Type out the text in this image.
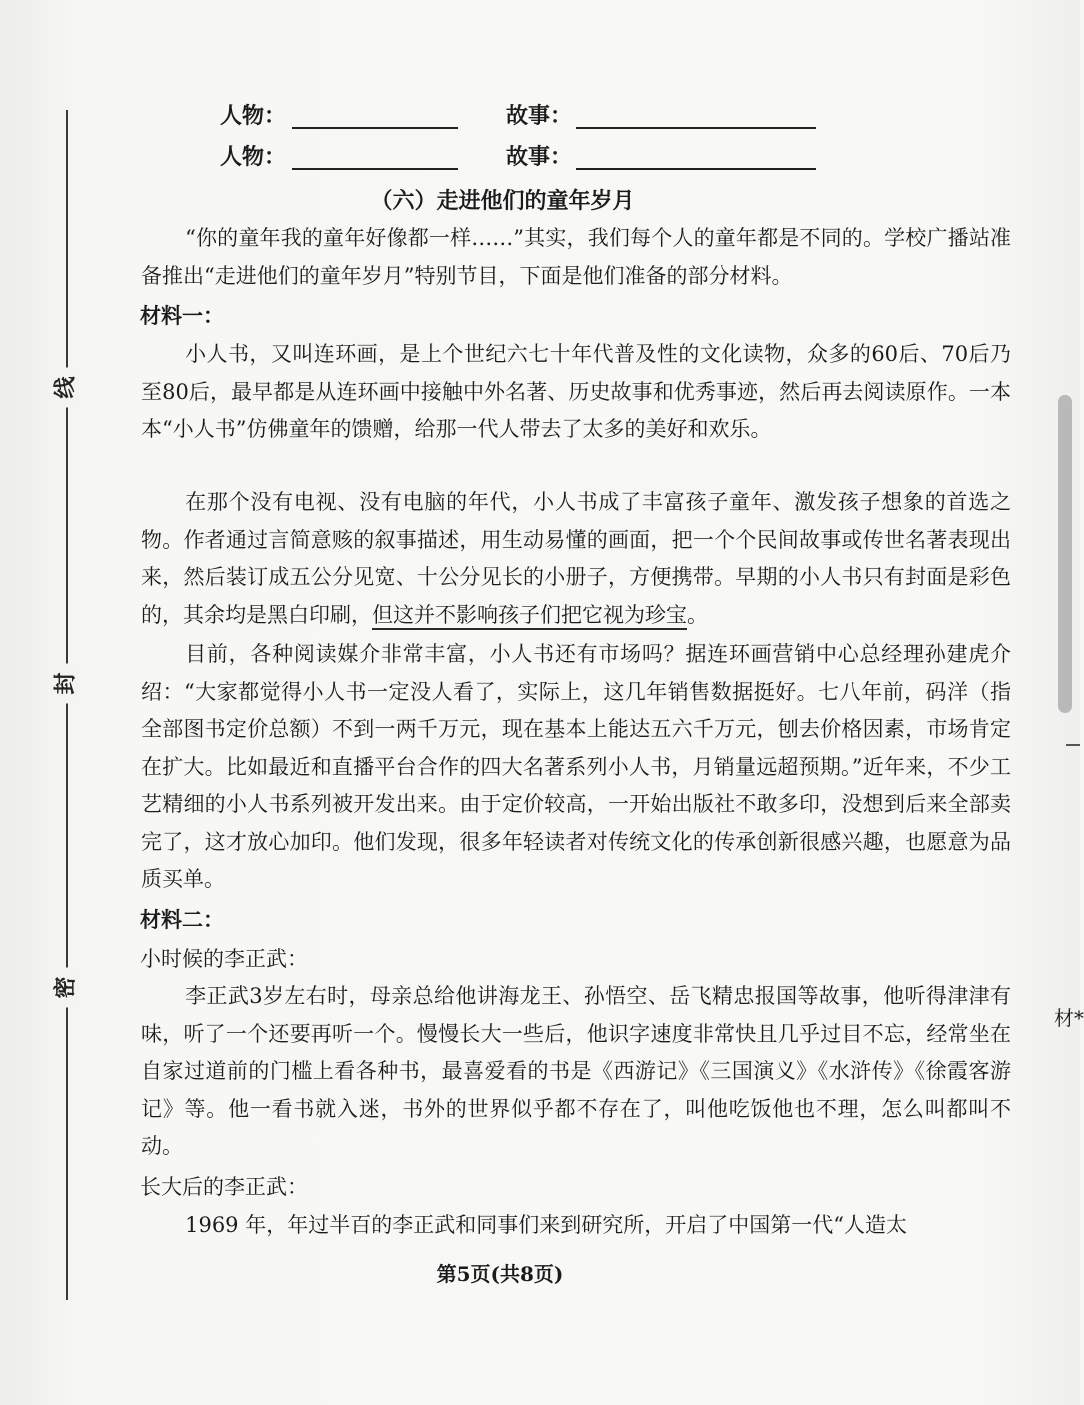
线
封
密
人物：	故事：
人物：	故事：
（六）走进他们的童年岁月

“你的童年我的童年好像都一样……”其实，我们每个人的童年都是不同的。学校广播站准备推出“走进他们的童年岁月”特别节目，下面是他们准备的部分材料。

材料一：

小人书，又叫连环画，是上个世纪六七十年代普及性的文化读物，众多的60后、70后乃至80后，最早都是从连环画中接触中外名著、历史故事和优秀事迹，然后再去阅读原作。一本本“小人书”仿佛童年的馈赠，给那一代人带去了太多的美好和欢乐。

在那个没有电视、没有电脑的年代，小人书成了丰富孩子童年、激发孩子想象的首选之物。作者通过言简意赅的叙事描述，用生动易懂的画面，把一个个民间故事或传世名著表现出来，然后装订成五公分见宽、十公分见长的小册子，方便携带。早期的小人书只有封面是彩色的，其余均是黑白印刷，但这并不影响孩子们把它视为珍宝。

目前，各种阅读媒介非常丰富，小人书还有市场吗？据连环画营销中心总经理孙建虎介绍：“大家都觉得小人书一定没人看了，实际上，这几年销售数据挺好。七八年前，码洋（指全部图书定价总额）不到一两千万元，现在基本上能达五六千万元，刨去价格因素，市场肯定在扩大。比如最近和直播平台合作的四大名著系列小人书，月销量远超预期。”近年来，不少工艺精细的小人书系列被开发出来。由于定价较高，一开始出版社不敢多印，没想到后来全部卖完了，这才放心加印。他们发现，很多年轻读者对传统文化的传承创新很感兴趣，也愿意为品质买单。

材料二：

小时候的李正武：

李正武3岁左右时，母亲总给他讲海龙王、孙悟空、岳飞精忠报国等故事，他听得津津有味，听了一个还要再听一个。慢慢长大一些后，他识字速度非常快且几乎过目不忘，经常坐在自家过道前的门槛上看各种书，最喜爱看的书是《西游记》《三国演义》《水浒传》《徐霞客游记》等。他一看书就入迷，书外的世界似乎都不存在了，叫他吃饭他也不理，怎么叫都叫不动。

长大后的李正武：

1969 年，年过半百的李正武和同事们来到研究所，开启了中国第一代“人造太

第5页(共8页)
材*
